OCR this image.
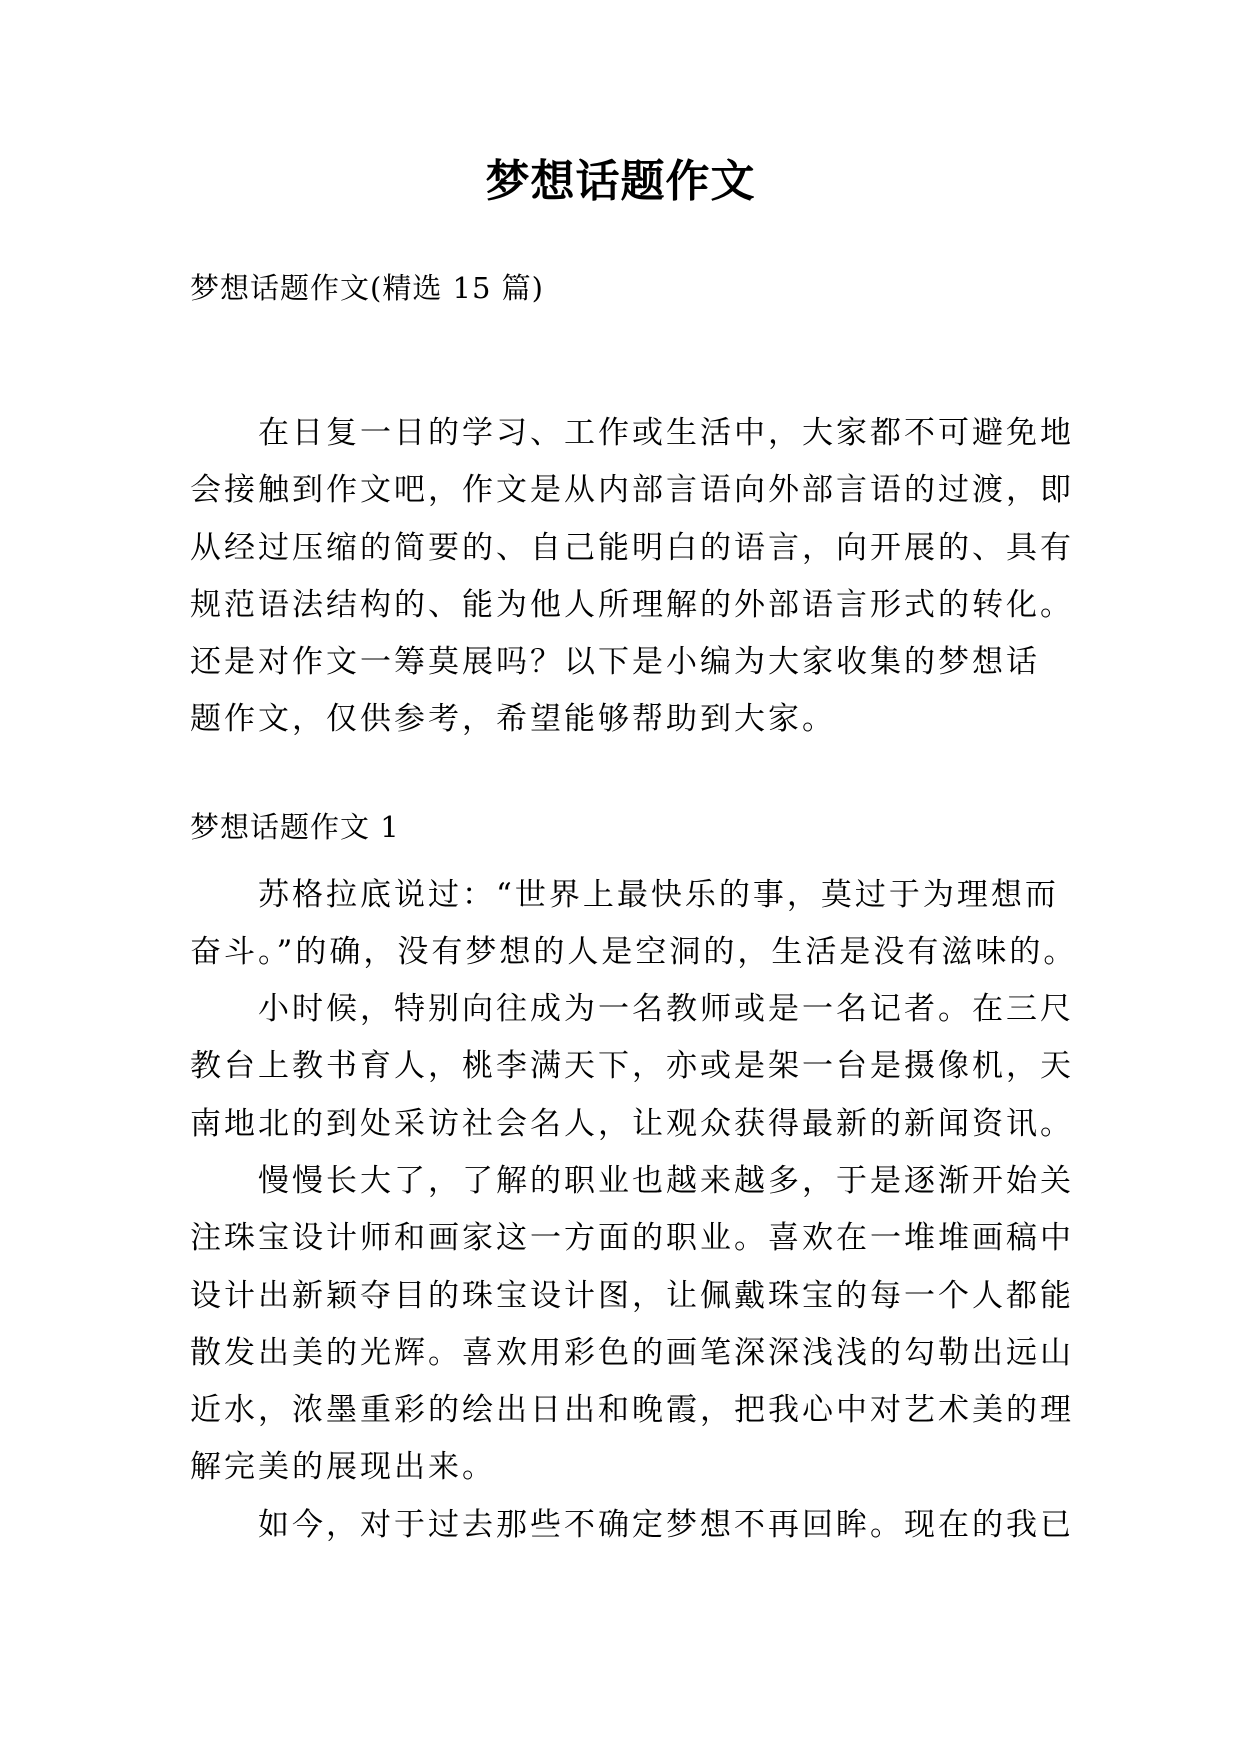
梦想话题作文
梦想话题作文(精选 15 篇)
　　在日复一日的学习、工作或生活中，大家都不可避免地
会接触到作文吧，作文是从内部言语向外部言语的过渡，即
从经过压缩的简要的、自己能明白的语言，向开展的、具有
规范语法结构的、能为他人所理解的外部语言形式的转化。
还是对作文一筹莫展吗？以下是小编为大家收集的梦想话
题作文，仅供参考，希望能够帮助到大家。
梦想话题作文 1
　　苏格拉底说过：“世界上最快乐的事，莫过于为理想而
奋斗。”的确，没有梦想的人是空洞的，生活是没有滋味的。
　　小时候，特别向往成为一名教师或是一名记者。在三尺
教台上教书育人，桃李满天下，亦或是架一台是摄像机，天
南地北的到处采访社会名人，让观众获得最新的新闻资讯。
　　慢慢长大了，了解的职业也越来越多，于是逐渐开始关
注珠宝设计师和画家这一方面的职业。喜欢在一堆堆画稿中
设计出新颖夺目的珠宝设计图，让佩戴珠宝的每一个人都能
散发出美的光辉。喜欢用彩色的画笔深深浅浅的勾勒出远山
近水，浓墨重彩的绘出日出和晚霞，把我心中对艺术美的理
解完美的展现出来。
　　如今，对于过去那些不确定梦想不再回眸。现在的我已
